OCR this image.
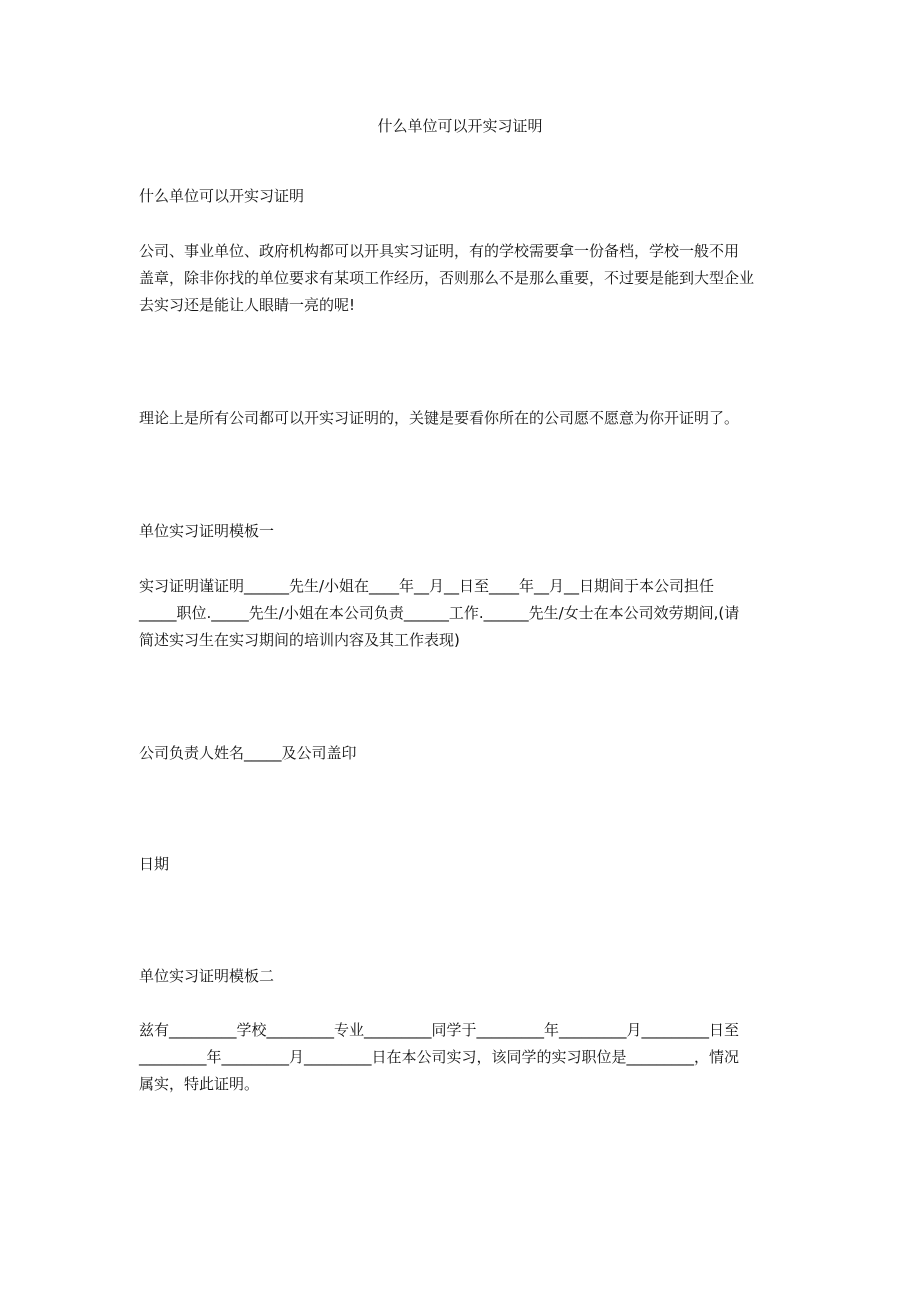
什么单位可以开实习证明
什么单位可以开实习证明
公司、事业单位、政府机构都可以开具实习证明，有的学校需要拿一份备档，学校一般不用
盖章，除非你找的单位要求有某项工作经历，否则那么不是那么重要，不过要是能到大型企业
去实习还是能让人眼睛一亮的呢!
理论上是所有公司都可以开实习证明的，关键是要看你所在的公司愿不愿意为你开证明了。
单位实习证明模板一
实习证明谨证明______先生/小姐在____年__月__日至____年__月__日期间于本公司担任
_____职位._____先生/小姐在本公司负责______工作.______先生/女士在本公司效劳期间,(请
简述实习生在实习期间的培训内容及其工作表现)
公司负责人姓名_____及公司盖印
日期
单位实习证明模板二
兹有_________学校_________专业_________同学于_________年_________月_________日至
_________年_________月_________日在本公司实习，该同学的实习职位是_________，情况
属实，特此证明。
